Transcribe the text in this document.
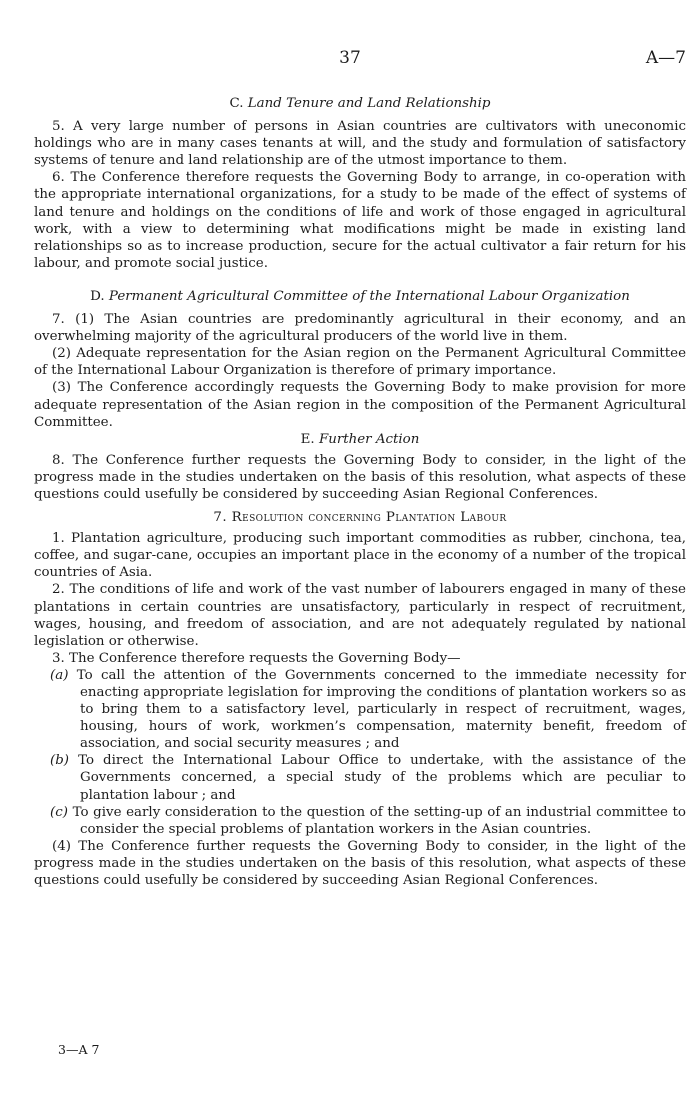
37	A—7
C. Land Tenure and Land Relationship

5. A very large number of persons in Asian countries are cultivators with uneconomic holdings who are in many cases tenants at will, and the study and formulation of satisfactory systems of tenure and land relationship are of the utmost importance to them.

6. The Conference therefore requests the Governing Body to arrange, in co-operation with the appropriate international organizations, for a study to be made of the effect of systems of land tenure and holdings on the conditions of life and work of those engaged in agricultural work, with a view to determining what modifications might be made in existing land relationships so as to increase production, secure for the actual cultivator a fair return for his labour, and promote social justice.

D. Permanent Agricultural Committee of the International Labour Organization

7. (1) The Asian countries are predominantly agricultural in their economy, and an overwhelming majority of the agricultural producers of the world live in them.

(2) Adequate representation for the Asian region on the Permanent Agricultural Committee of the International Labour Organization is therefore of primary importance.

(3) The Conference accordingly requests the Governing Body to make provision for more adequate representation of the Asian region in the composition of the Permanent Agricultural Committee.

E. Further Action

8. The Conference further requests the Governing Body to consider, in the light of the progress made in the studies undertaken on the basis of this resolution, what aspects of these questions could usefully be considered by succeeding Asian Regional Conferences.

7. Resolution concerning Plantation Labour

1. Plantation agriculture, producing such important commodities as rubber, cinchona, tea, coffee, and sugar-cane, occupies an important place in the economy of a number of the tropical countries of Asia.

2. The conditions of life and work of the vast number of labourers engaged in many of these plantations in certain countries are unsatisfactory, particularly in respect of recruitment, wages, housing, and freedom of association, and are not adequately regulated by national legislation or otherwise.

3. The Conference therefore requests the Governing Body—

(a) To call the attention of the Governments concerned to the immediate necessity for enacting appropriate legislation for improving the conditions of plantation workers so as to bring them to a satisfactory level, particularly in respect of recruitment, wages, housing, hours of work, workmen’s compensation, maternity benefit, freedom of association, and social security measures ; and
(b) To direct the International Labour Office to undertake, with the assistance of the Governments concerned, a special study of the problems which are peculiar to plantation labour ; and
(c) To give early consideration to the question of the setting-up of an industrial committee to consider the special problems of plantation workers in the Asian countries.

(4) The Conference further requests the Governing Body to consider, in the light of the progress made in the studies undertaken on the basis of this resolution, what aspects of these questions could usefully be considered by succeeding Asian Regional Conferences.

3—A 7
